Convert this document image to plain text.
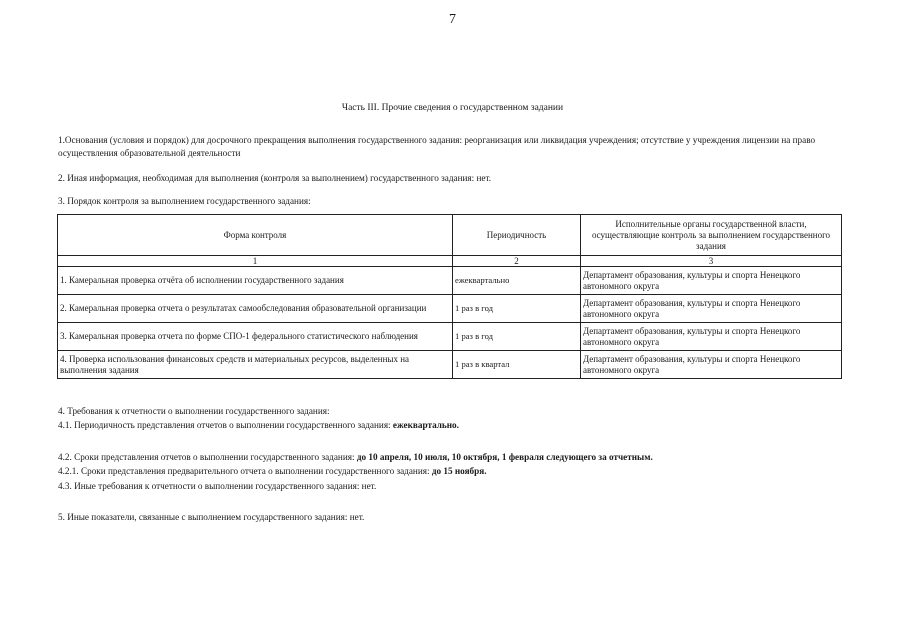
7
Часть III. Прочие сведения о государственном задании
1.Основания (условия и порядок) для досрочного прекращения выполнения государственного задания: реорганизация или ликвидация учреждения; отсутствие у учреждения лицензии на право осуществления образовательной деятельности
2. Иная информация, необходимая для выполнения (контроля за выполнением) государственного задания: нет.
3. Порядок контроля за выполнением государственного задания:
Форма контроля	Периодичность	Исполнительные органы государственной власти, осуществляющие контроль за выполнением государственного задания
1	2	3
1. Камеральная проверка отчёта об исполнении государственного задания	ежеквартально	Департамент образования, культуры и спорта Ненецкого автономного округа
2. Камеральная проверка отчета о результатах самообследования образовательной организации	1 раз в год	Департамент образования, культуры и спорта Ненецкого автономного округа
3. Камеральная проверка отчета по форме СПО-1 федерального статистического наблюдения	1 раз в год	Департамент образования, культуры и спорта Ненецкого автономного округа
4. Проверка использования финансовых средств и материальных ресурсов, выделенных на выполнения задания	1 раз в квартал	Департамент образования, культуры и спорта Ненецкого автономного округа
4. Требования к отчетности о выполнении государственного задания:
4.1. Периодичность представления отчетов о выполнении государственного задания: ежеквартально.
4.2. Сроки представления отчетов о выполнении государственного задания: до 10 апреля, 10 июля, 10 октября, 1 февраля следующего за отчетным.
4.2.1. Сроки представления предварительного отчета о выполнении государственного задания: до 15 ноября.
4.3. Иные требования к отчетности о выполнении государственного задания: нет.
5. Иные показатели, связанные с выполнением государственного задания: нет.
